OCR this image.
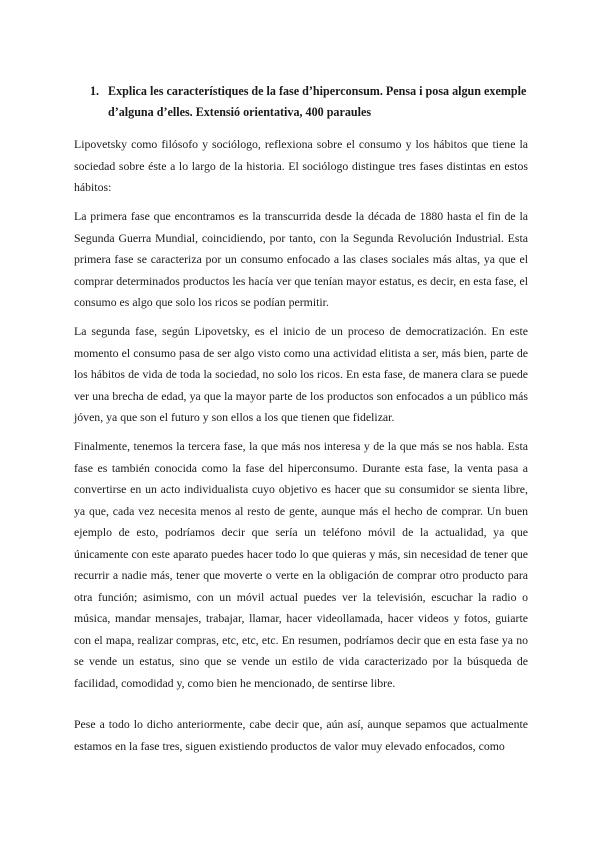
1. Explica les característiques de la fase d’hiperconsum. Pensa i posa algun exemple d’alguna d’elles. Extensió orientativa, 400 paraules

Lipovetsky como filósofo y sociólogo, reflexiona sobre el consumo y los hábitos que tiene la sociedad sobre éste a lo largo de la historia. El sociólogo distingue tres fases distintas en estos hábitos:

La primera fase que encontramos es la transcurrida desde la década de 1880 hasta el fin de la Segunda Guerra Mundial, coincidiendo, por tanto, con la Segunda Revolución Industrial. Esta primera fase se caracteriza por un consumo enfocado a las clases sociales más altas, ya que el comprar determinados productos les hacía ver que tenían mayor estatus, es decir, en esta fase, el consumo es algo que solo los ricos se podían permitir.

La segunda fase, según Lipovetsky, es el inicio de un proceso de democratización. En este momento el consumo pasa de ser algo visto como una actividad elitista a ser, más bien, parte de los hábitos de vida de toda la sociedad, no solo los ricos. En esta fase, de manera clara se puede ver una brecha de edad, ya que la mayor parte de los productos son enfocados a un público más jóven, ya que son el futuro y son ellos a los que tienen que fidelizar.

Finalmente, tenemos la tercera fase, la que más nos interesa y de la que más se nos habla. Esta fase es también conocida como la fase del hiperconsumo. Durante esta fase, la venta pasa a convertirse en un acto individualista cuyo objetivo es hacer que su consumidor se sienta libre, ya que, cada vez necesita menos al resto de gente, aunque más el hecho de comprar. Un buen ejemplo de esto, podríamos decir que sería un teléfono móvil de la actualidad, ya que únicamente con este aparato puedes hacer todo lo que quieras y más, sin necesidad de tener que recurrir a nadie más, tener que moverte o verte en la obligación de comprar otro producto para otra función; asimismo, con un móvil actual puedes ver la televisión, escuchar la radio o música, mandar mensajes, trabajar, llamar, hacer videollamada, hacer videos y fotos, guiarte con el mapa, realizar compras, etc, etc, etc. En resumen, podríamos decir que en esta fase ya no se vende un estatus, sino que se vende un estilo de vida caracterizado por la búsqueda de facilidad, comodidad y, como bien he mencionado, de sentirse libre.

Pese a todo lo dicho anteriormente, cabe decir que, aún así, aunque sepamos que actualmente estamos en la fase tres, siguen existiendo productos de valor muy elevado enfocados, como
